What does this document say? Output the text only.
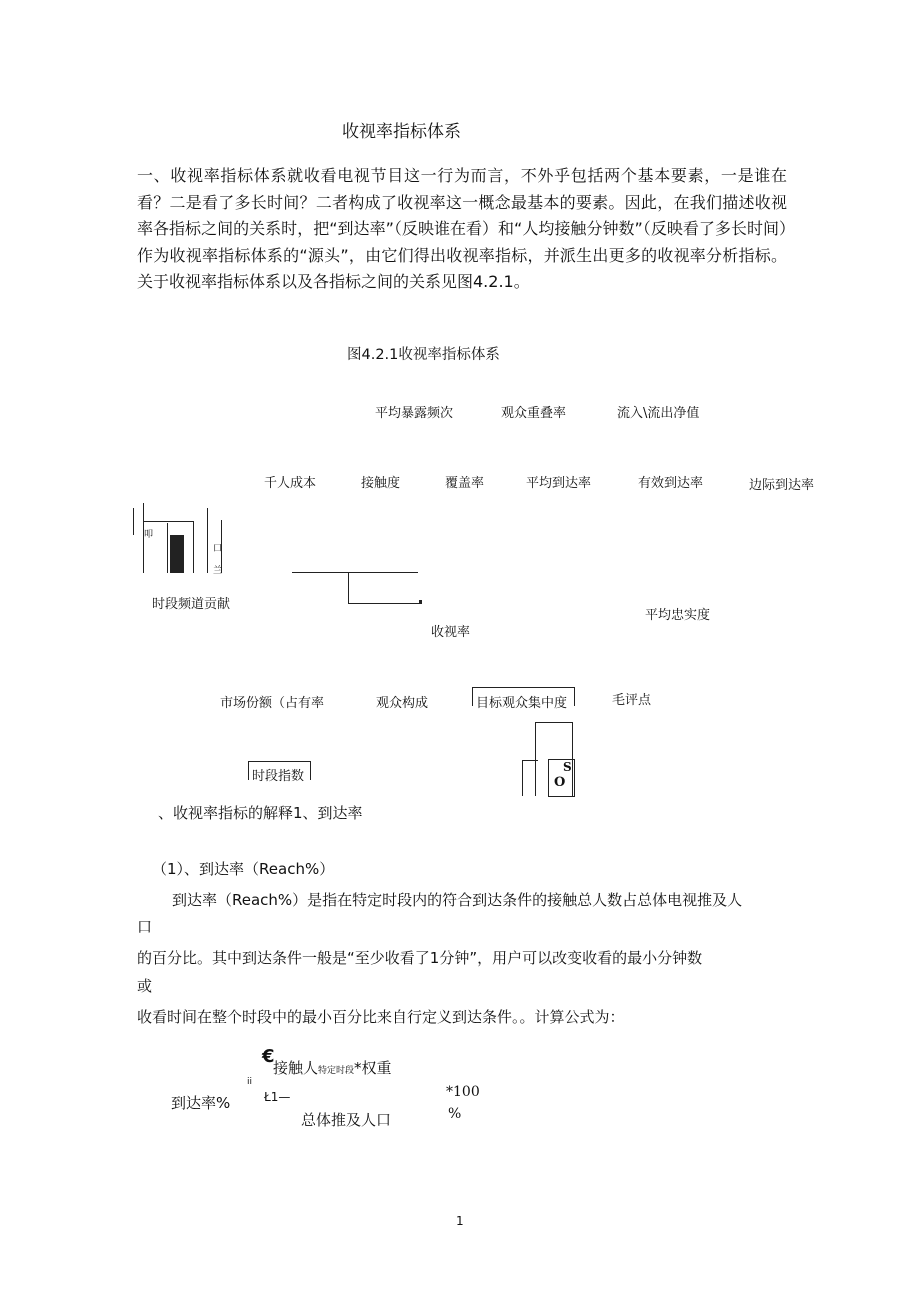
收视率指标体系
一、收视率指标体系就收看电视节目这一行为而言，不外乎包括两个基本要素，一是谁在看？二是看了多长时间？二者构成了收视率这一概念最基本的要素。因此，在我们描述收视率各指标之间的关系时，把“到达率”（反映谁在看）和“人均接触分钟数”（反映看了多长时间）作为收视率指标体系的“源头”，由它们得出收视率指标，并派生出更多的收视率分析指标。关于收视率指标体系以及各指标之间的关系见图4.2.1。
图4.2.1收视率指标体系
平均暴露频次	观众重叠率	流入\流出净值
千人成本	接触度	覆盖率	平均到达率	有效到达率	边际到达率
叩
口
兰
时段频道贡献
平均忠实度
收视率
市场份额（占有率	观众构成	目标观众集中度	毛评点
时段指数
S
O
、收视率指标的解释1、到达率
（1）、到达率（Reach%）
到达率（Reach%）是指在特定时段内的符合到达条件的接触总人数占总体电视推及人
口
的百分比。其中到达条件一般是“至少收看了1分钟”，用户可以改变收看的最小分钟数
或
收看时间在整个时段中的最小百分比来自行定义到达条件。。计算公式为：
€
接触人特定时段*权重
ii
到达率%	Ł1—	*100
总体推及人口	%
1
